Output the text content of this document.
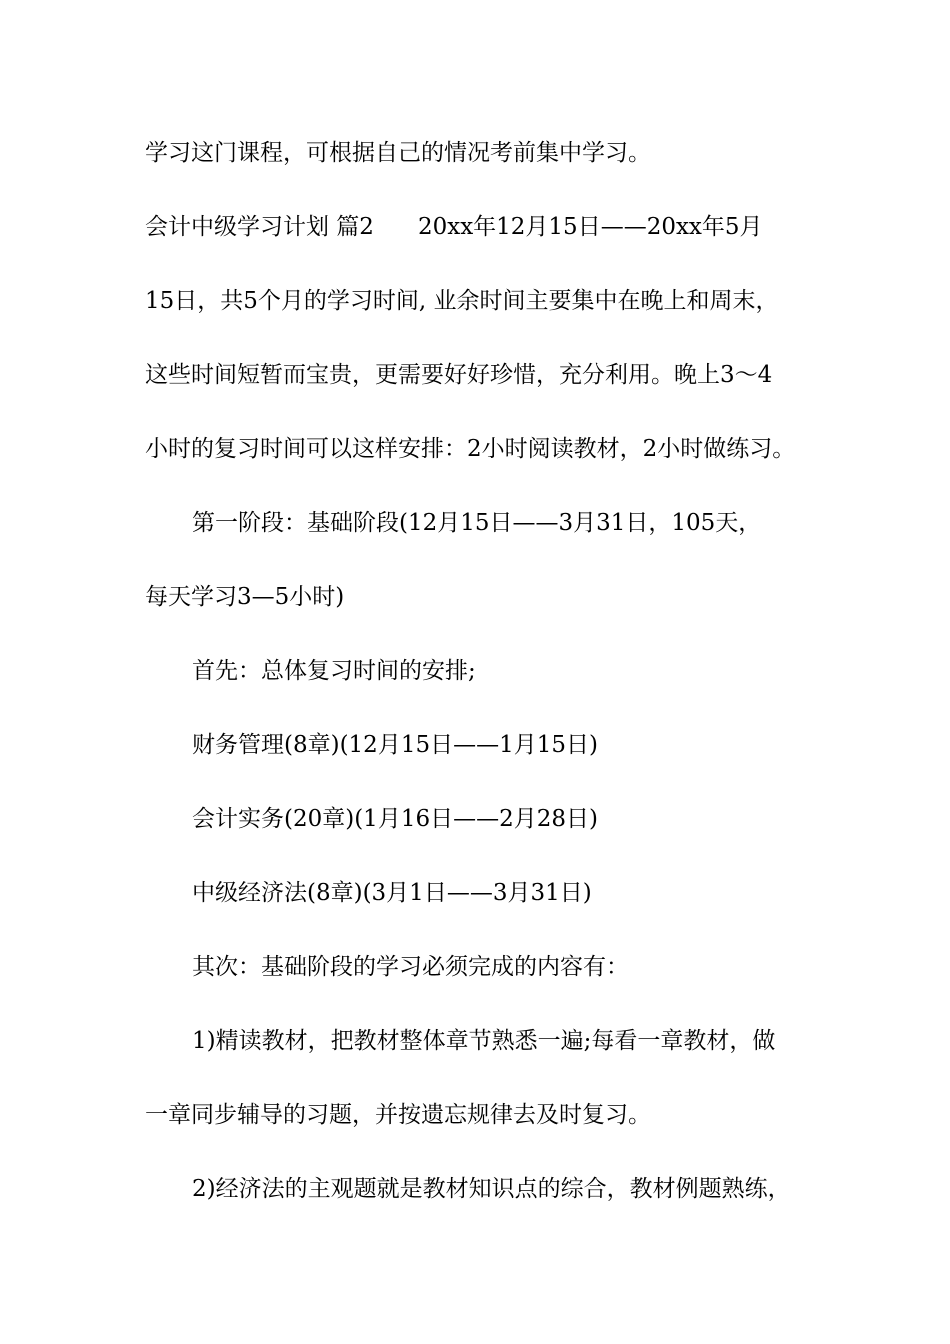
学习这门课程，可根据自己的情况考前集中学习。
会计中级学习计划 篇2 20xx年12月15日——20xx年5月
15日，共5个月的学习时间, 业余时间主要集中在晚上和周末，
这些时间短暂而宝贵，更需要好好珍惜，充分利用。晚上3～4
小时的复习时间可以这样安排：2小时阅读教材，2小时做练习。
第一阶段：基础阶段(12月15日——3月31日，105天，
每天学习3—5小时)
首先：总体复习时间的安排;
财务管理(8章)(12月15日——1月15日)
会计实务(20章)(1月16日——2月28日)
中级经济法(8章)(3月1日——3月31日)
其次：基础阶段的学习必须完成的内容有：
1)精读教材，把教材整体章节熟悉一遍;每看一章教材，做
一章同步辅导的习题，并按遗忘规律去及时复习。
2)经济法的主观题就是教材知识点的综合，教材例题熟练，
